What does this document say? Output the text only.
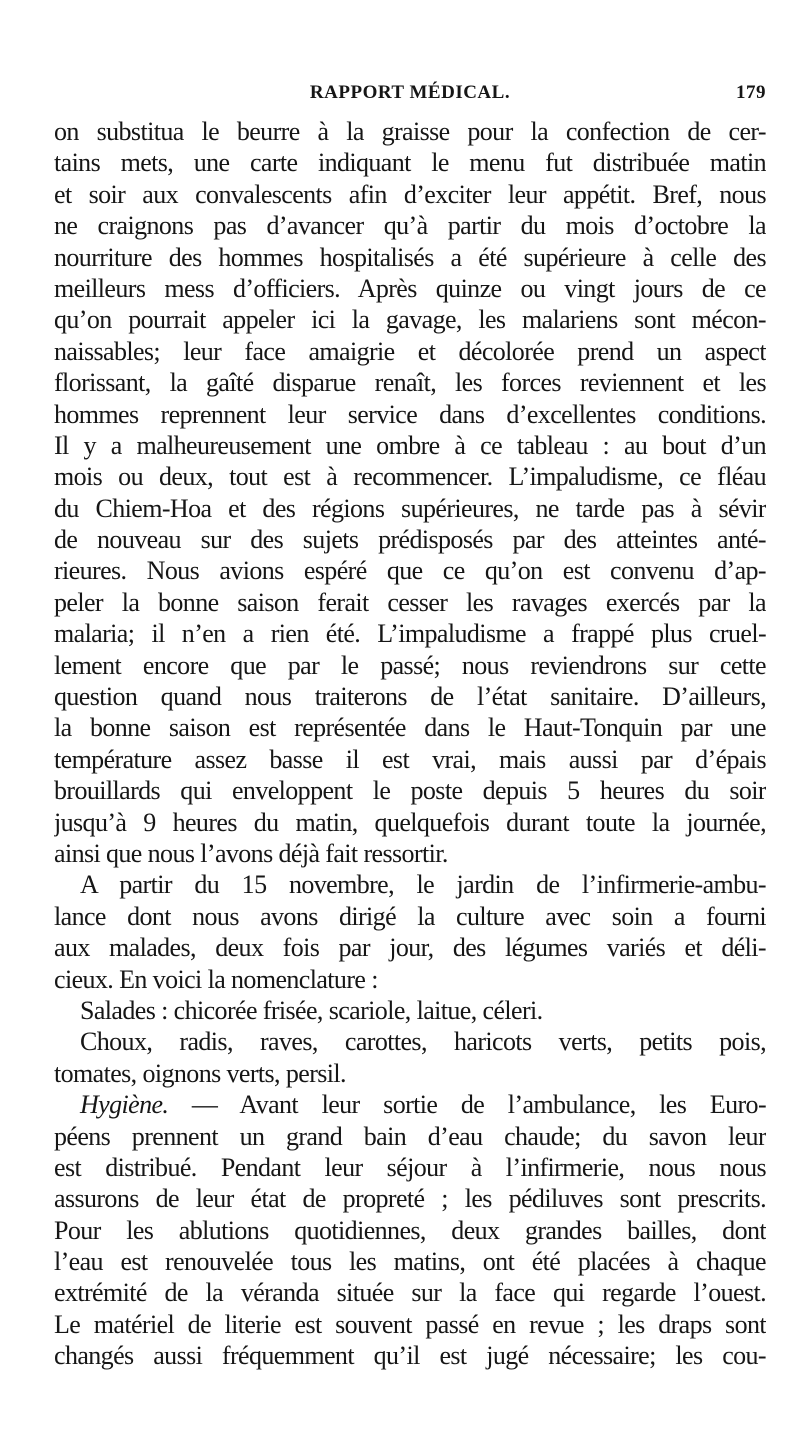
RAPPORT MÉDICAL.	179
on substitua le beurre à la graisse pour la confection de cer-
tains mets, une carte indiquant le menu fut distribuée matin
et soir aux convalescents afin d’exciter leur appétit. Bref, nous
ne craignons pas d’avancer qu’à partir du mois d’octobre la
nourriture des hommes hospitalisés a été supérieure à celle des
meilleurs mess d’officiers. Après quinze ou vingt jours de ce
qu’on pourrait appeler ici la gavage, les malariens sont mécon-
naissables; leur face amaigrie et décolorée prend un aspect
florissant, la gaîté disparue renaît, les forces reviennent et les
hommes reprennent leur service dans d’excellentes conditions.
Il y a malheureusement une ombre à ce tableau : au bout d’un
mois ou deux, tout est à recommencer. L’impaludisme, ce fléau
du Chiem-Hoa et des régions supérieures, ne tarde pas à sévir
de nouveau sur des sujets prédisposés par des atteintes anté-
rieures. Nous avions espéré que ce qu’on est convenu d’ap-
peler la bonne saison ferait cesser les ravages exercés par la
malaria; il n’en a rien été. L’impaludisme a frappé plus cruel-
lement encore que par le passé; nous reviendrons sur cette
question quand nous traiterons de l’état sanitaire. D’ailleurs,
la bonne saison est représentée dans le Haut-Tonquin par une
température assez basse il est vrai, mais aussi par d’épais
brouillards qui enveloppent le poste depuis 5 heures du soir
jusqu’à 9 heures du matin, quelquefois durant toute la journée,
ainsi que nous l’avons déjà fait ressortir.
A partir du 15 novembre, le jardin de l’infirmerie-ambu-
lance dont nous avons dirigé la culture avec soin a fourni
aux malades, deux fois par jour, des légumes variés et déli-
cieux. En voici la nomenclature :
Salades : chicorée frisée, scariole, laitue, céleri.
Choux, radis, raves, carottes, haricots verts, petits pois,
tomates, oignons verts, persil.
Hygiène. — Avant leur sortie de l’ambulance, les Euro-
péens prennent un grand bain d’eau chaude; du savon leur
est distribué. Pendant leur séjour à l’infirmerie, nous nous
assurons de leur état de propreté ; les pédiluves sont prescrits.
Pour les ablutions quotidiennes, deux grandes bailles, dont
l’eau est renouvelée tous les matins, ont été placées à chaque
extrémité de la véranda située sur la face qui regarde l’ouest.
Le matériel de literie est souvent passé en revue ; les draps sont
changés aussi fréquemment qu’il est jugé nécessaire; les cou-
